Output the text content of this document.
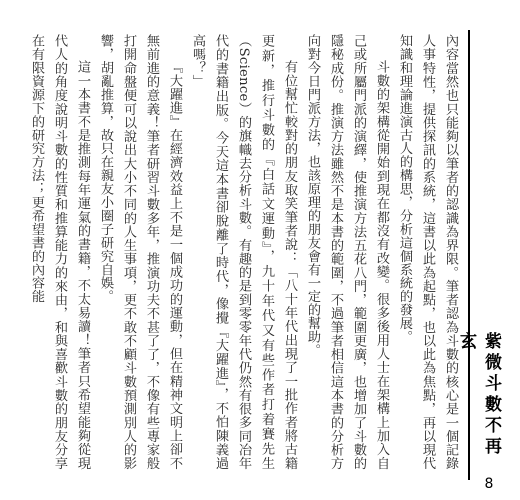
紫微斗數不再玄
8

內容當然也只能夠以筆者的認識為界限。筆者認為斗數的核心是一個記錄人事特性，提供探訊的系統，這書以此為起點，也以此為焦點，再以現代知識和理論進演古人的構思，分析這個系統的發展。

斗數的架構從開始到現在都沒有改變。很多後用人士在架構上加入自己或所屬門派的演繹，使推演方法五花八門，範圍更廣，也增加了斗數的隱秘成份。推演方法雖然不是本書的範圍，不過筆者相信這本書的分析方向對今日門派方法，也該原理的朋友會有一定的幫助。

有位幫忙較對的朋友取笑筆者說：「八十年代出現了一批作者將古籍更新，推行斗數的『白話文運動』，九十年代又有些作者打着賽先生（Science）的旗幟去分析斗數。有趣的是到零零年代仍然有很多同冶年代的書籍出版。今天這本書卻脫離了時代，像攪『大躍進』，不怕陳義過高嗎？」

『大躍進』在經濟效益上不是一個成功的運動，但在精神文明上卻不無前進的意義！筆者研習斗數多年，推演功夫不甚了了，不像有些專家般打開命盤便可以說出大小不同的人生事項，更不敢不顧斗數預測別人的影響，胡亂推算，故只在親友小圈子研究自娛。

這一本書不是推測每年運氣的書籍，不太易讀！筆者只希望能夠從現代人的角度說明斗數的性質和推算能力的來由，和與喜歡斗數的朋友分享在有限資源下的研究方法；更希望書的內容能
